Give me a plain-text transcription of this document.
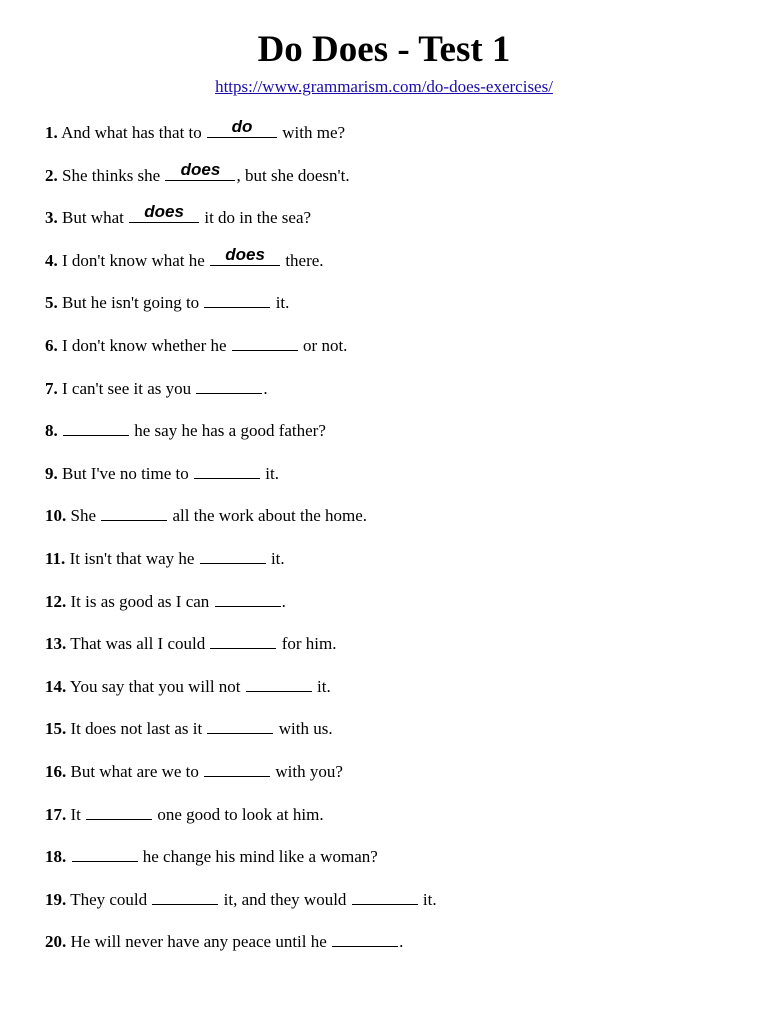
Do Does - Test 1
https://www.grammarism.com/do-does-exercises/
1. And what has that to	do	with me?
2. She thinks she does , but she doesn't.
3. But what does it do in the sea?
4. I don't know what he does there.
5. But he isn't going to	it.
6. I don't know whether he	or not.
7. I can't see it as you	.
8.	he say he has a good father?
9. But I've no time to	it.
10. She	all the work about the home.
11. It isn't that way he	it.
12. It is as good as I can	.
13. That was all I could	for him.
14. You say that you will not	it.
15. It does not last as it	with us.
16. But what are we to	with you?
17. It	one good to look at him.
18.	he change his mind like a woman?
19. They could	it, and they would	it.
20. He will never have any peace until he	.
